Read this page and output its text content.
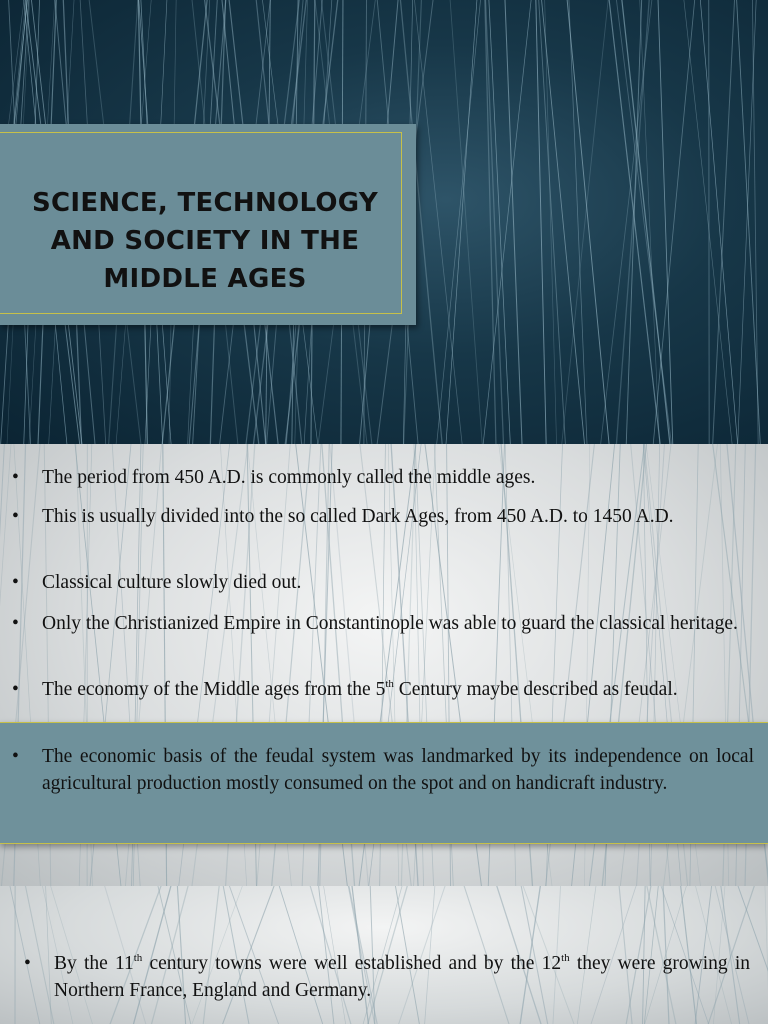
SCIENCE, TECHNOLOGY
AND SOCIETY IN THE
MIDDLE AGES
• The period from 450 A.D. is commonly called the middle ages.
• This is usually divided into the so called Dark Ages, from 450 A.D. to 1450 A.D.
• Classical culture slowly died out.
• Only the Christianized Empire in Constantinople was able to guard the classical heritage.
• The economy of the Middle ages from the 5th Century maybe described as feudal.
• The economic basis of the feudal system was landmarked by its independence on local agricultural production mostly consumed on the spot and on handicraft industry.
• By the 11th century towns were well established and by the 12th they were growing in Northern France, England and Germany.
